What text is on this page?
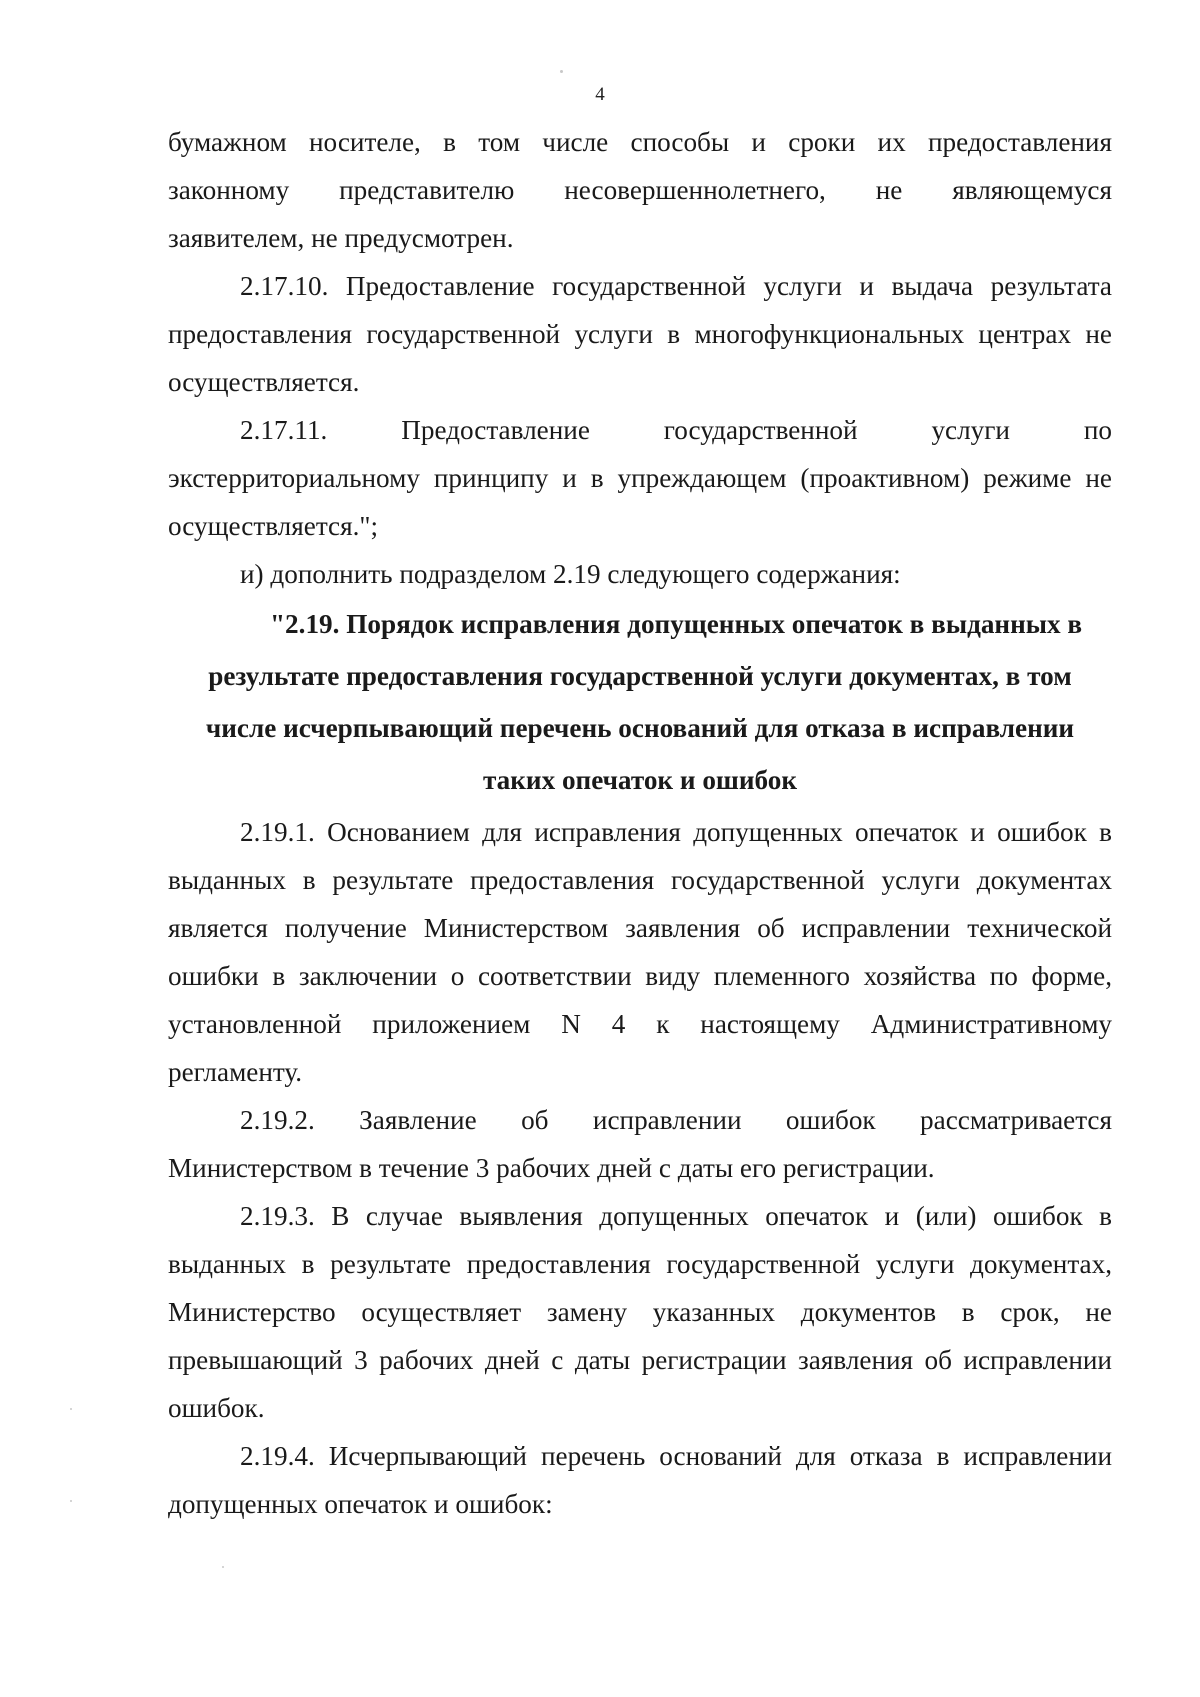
4
бумажном носителе, в том числе способы и сроки их предоставления
законному представителю несовершеннолетнего, не являющемуся
заявителем, не предусмотрен.
2.17.10. Предоставление государственной услуги и выдача результата
предоставления государственной услуги в многофункциональных центрах не
осуществляется.
2.17.11. Предоставление государственной услуги по
экстерриториальному принципу и в упреждающем (проактивном) режиме не
осуществляется.";
и) дополнить подразделом 2.19 следующего содержания:
"2.19. Порядок исправления допущенных опечаток в выданных в
результате предоставления государственной услуги документах, в том
числе исчерпывающий перечень оснований для отказа в исправлении
таких опечаток и ошибок
2.19.1. Основанием для исправления допущенных опечаток и ошибок в
выданных в результате предоставления государственной услуги документах
является получение Министерством заявления об исправлении технической
ошибки в заключении о соответствии виду племенного хозяйства по форме,
установленной приложением N 4 к настоящему Административному
регламенту.
2.19.2. Заявление об исправлении ошибок рассматривается
Министерством в течение 3 рабочих дней с даты его регистрации.
2.19.3. В случае выявления допущенных опечаток и (или) ошибок в
выданных в результате предоставления государственной услуги документах,
Министерство осуществляет замену указанных документов в срок, не
превышающий 3 рабочих дней с даты регистрации заявления об исправлении
ошибок.
2.19.4. Исчерпывающий перечень оснований для отказа в исправлении
допущенных опечаток и ошибок:
